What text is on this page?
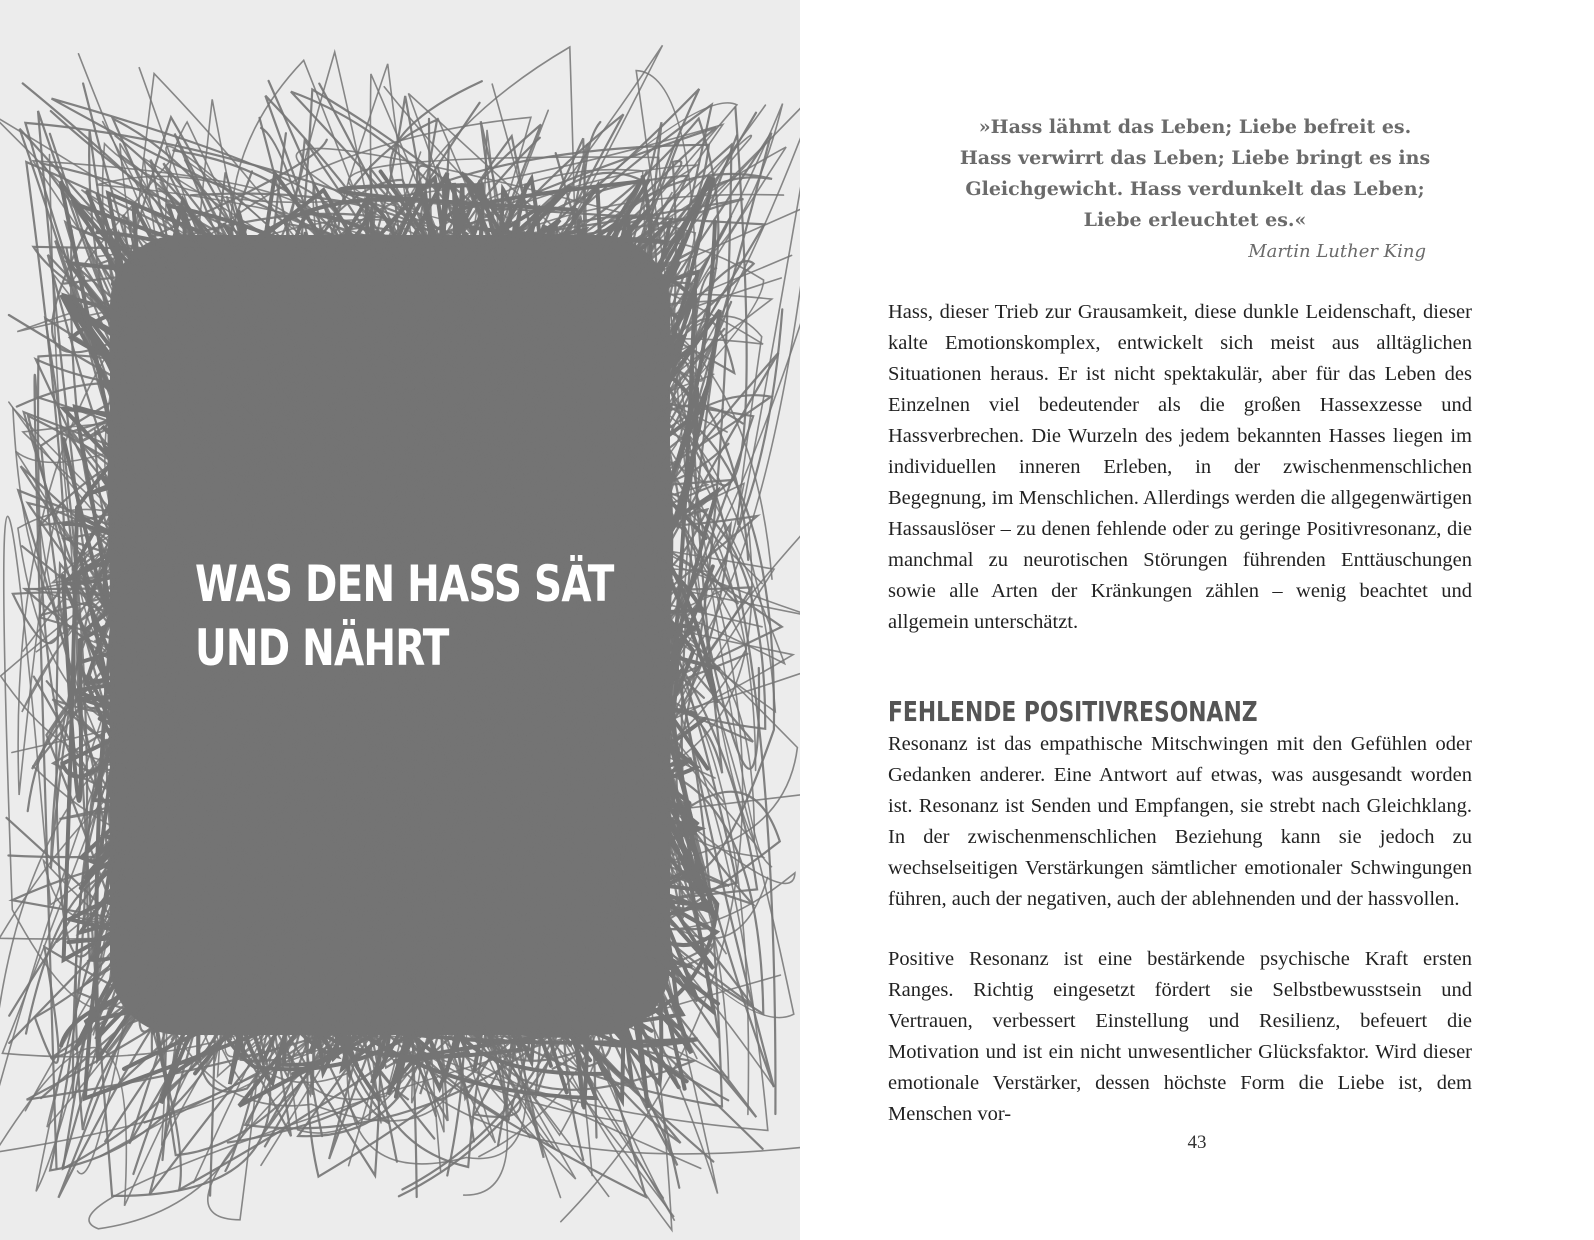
WAS DEN HASS SÄT
UND NÄHRT
»Hass lähmt das Leben; Liebe befreit es.
Hass verwirrt das Leben; Liebe bringt es ins
Gleichgewicht. Hass verdunkelt das Leben;
Liebe erleuchtet es.«

Martin Luther King

Hass, dieser Trieb zur Grausamkeit, diese dunkle Leidenschaft, dieser kalte Emotionskomplex, entwickelt sich meist aus alltäglichen Situationen heraus. Er ist nicht spektakulär, aber für das Leben des Einzelnen viel bedeutender als die großen Hassexzesse und Hassverbrechen. Die Wurzeln des jedem bekannten Hasses liegen im individuellen inneren Erleben, in der zwischenmenschlichen Begegnung, im Menschlichen. Allerdings werden die allgegenwärtigen Hassauslöser – zu denen fehlende oder zu geringe Positivresonanz, die manchmal zu neurotischen Störungen führenden Enttäuschungen sowie alle Arten der Kränkungen zählen – wenig beachtet und allgemein unterschätzt.

FEHLENDE POSITIVRESONANZ

Resonanz ist das empathische Mitschwingen mit den Gefühlen oder Gedanken anderer. Eine Antwort auf etwas, was ausgesandt worden ist. Resonanz ist Senden und Empfangen, sie strebt nach Gleichklang. In der zwischenmenschlichen Beziehung kann sie jedoch zu wechselseitigen Verstärkungen sämtlicher emotionaler Schwingungen führen, auch der negativen, auch der ablehnenden und der hassvollen.

Positive Resonanz ist eine bestärkende psychische Kraft ersten Ranges. Richtig eingesetzt fördert sie Selbstbewusstsein und Vertrauen, verbessert Einstellung und Resilienz, befeuert die Motivation und ist ein nicht unwesentlicher Glücksfaktor. Wird dieser emotionale Verstärker, dessen höchste Form die Liebe ist, dem Menschen vor-

43
